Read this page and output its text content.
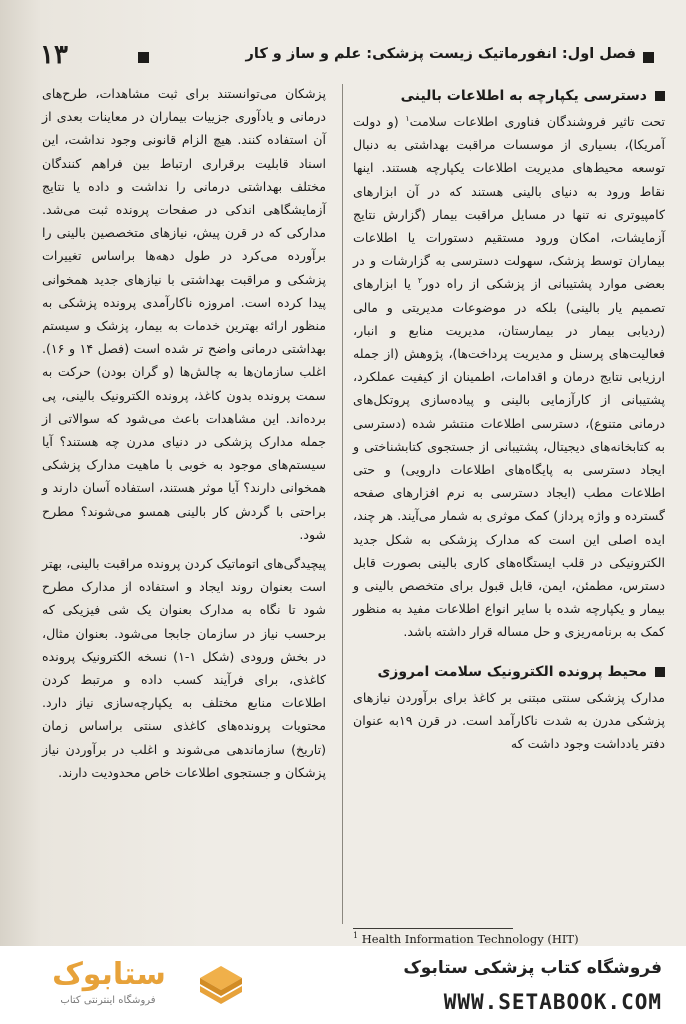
۱۳	فصل اول: انفورماتیک زیست پزشکی: علم و ساز و کار
دسترسی یکپارچه به اطلاعات بالینی

تحت تاثیر فروشندگان فناوری اطلاعات سلامت$^۱$ (و دولت آمریکا)، بسیاری از موسسات مراقبت بهداشتی به دنبال توسعه محیط‌های مدیریت اطلاعات یکپارچه هستند. اینها نقاط ورود به دنیای بالینی هستند که در آن ابزارهای کامپیوتری نه تنها در مسایل مراقبت بیمار (گزارش نتایج آزمایشات، امکان ورود مستقیم دستورات یا اطلاعات بیماران توسط پزشک، سهولت دسترسی به گزارشات و در بعضی موارد پشتیبانی از پزشکی از راه دور$^۲$ یا ابزارهای تصمیم یار بالینی) بلکه در موضوعات مدیریتی و مالی (ردیابی بیمار در بیمارستان، مدیریت منابع و انبار، فعالیت‌های پرسنل و مدیریت پرداخت‌ها)، پژوهش (از جمله ارزیابی نتایج درمان و اقدامات، اطمینان از کیفیت عملکرد، پشتیبانی از کارآزمایی بالینی و پیاده‌سازی پروتکل‌های درمانی متنوع)، دسترسی اطلاعات منتشر شده (دسترسی به کتابخانه‌های دیجیتال، پشتیبانی از جستجوی کتابشناختی و ایجاد دسترسی به پایگاه‌های اطلاعات دارویی) و حتی اطلاعات مطب (ایجاد دسترسی به نرم افزارهای صفحه گسترده و واژه پرداز) کمک موثری به شمار می‌آیند. هر چند، ایده اصلی این است که مدارک پزشکی به شکل جدید الکترونیکی در قلب ایستگاه‌های کاری بالینی بصورت قابل دسترس، مطمئن، ایمن، قابل قبول برای متخصص بالینی و بیمار و یکپارچه شده با سایر انواع اطلاعات مفید به منظور کمک به برنامه‌ریزی و حل مساله قرار داشته باشد.

محیط پرونده الکترونیک سلامت امروزی

مدارک پزشکی سنتی مبتنی بر کاغذ برای برآوردن نیازهای پزشکی مدرن به شدت ناکارآمد است. در قرن ۱۹به عنوان دفتر یادداشت وجود داشت که

پزشکان می‌توانستند برای ثبت مشاهدات، طرح‌های درمانی و یادآوری جزییات بیماران در معاینات بعدی از آن استفاده کنند. هیچ الزام قانونی وجود نداشت، این اسناد قابلیت برقراری ارتباط بین فراهم کنندگان مختلف بهداشتی درمانی را نداشت و داده یا نتایج آزمایشگاهی اندکی در صفحات پرونده ثبت می‌شد. مدارکی که در قرن پیش، نیازهای متخصصین بالینی را برآورده می‌کرد در طول دهه‌ها براساس تغییرات پزشکی و مراقبت بهداشتی با نیازهای جدید همخوانی پیدا کرده است. امروزه ناکارآمدی پرونده پزشکی به منظور ارائه بهترین خدمات به بیمار، پزشک و سیستم بهداشتی درمانی واضح تر شده است (فصل ۱۴ و ۱۶). اغلب سازمان‌ها به چالش‌ها (و گران بودن) حرکت به سمت پرونده بدون کاغذ، پرونده الکترونیک بالینی، پی برده‌اند. این مشاهدات باعث می‌شود که سوالاتی از جمله مدارک پزشکی در دنیای مدرن چه هستند؟ آیا سیستم‌های موجود به خوبی با ماهیت مدارک پزشکی همخوانی دارند؟ آیا موثر هستند، استفاده آسان دارند و براحتی با گردش کار بالینی همسو می‌شوند؟ مطرح شود.

پیچیدگی‌های اتوماتیک کردن پرونده مراقبت بالینی، بهتر است بعنوان روند ایجاد و استفاده از مدارک مطرح شود تا نگاه به مدارک بعنوان یک شی فیزیکی که برحسب نیاز در سازمان جابجا می‌شود. بعنوان مثال، در بخش ورودی (شکل ۱-۱) نسخه الکترونیک پرونده کاغذی، برای فرآیند کسب داده و مرتبط کردن اطلاعات منابع مختلف به یکپارچه‌سازی نیاز دارد. محتویات پرونده‌های کاغذی سنتی براساس زمان (تاریخ) سازماندهی می‌شوند و اغلب در برآوردن نیاز پزشکان و جستجوی اطلاعات خاص محدودیت دارند.

$^1$ Health Information Technology (HIT)
ستابوک
فروشگاه اینترنتی کتاب
فروشگاه کتاب پزشکی ستابوک
WWW.SETABOOK.COM
